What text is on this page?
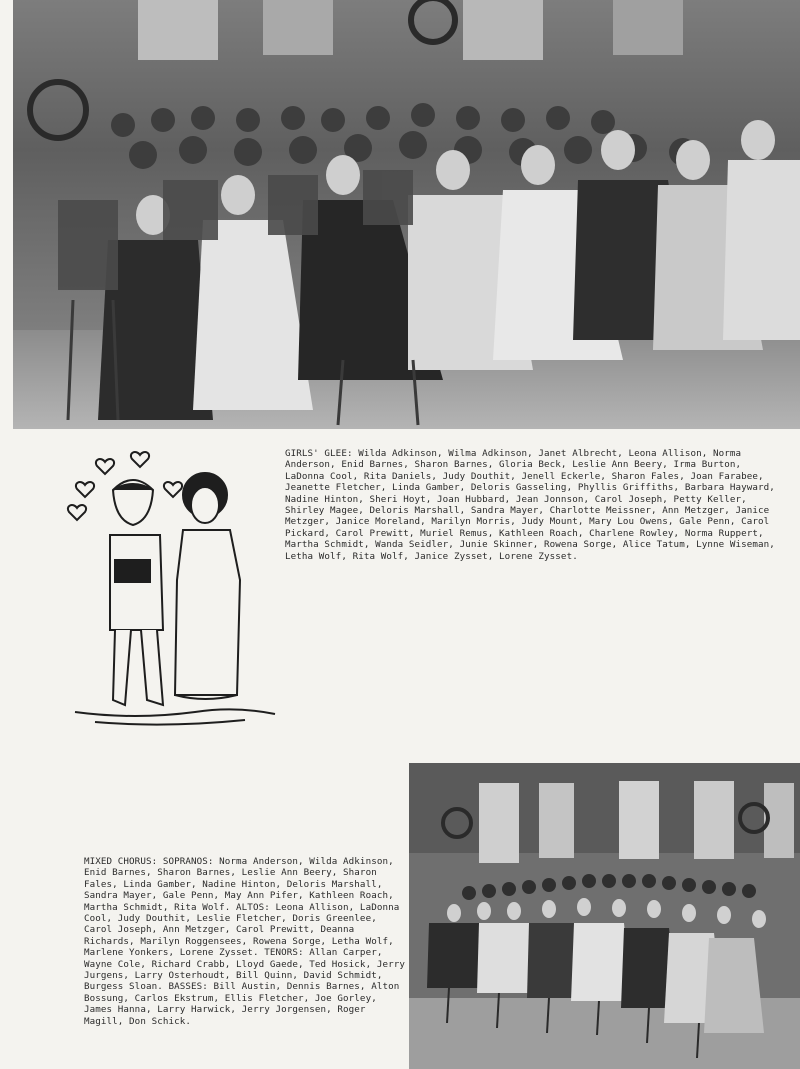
GIRLS' GLEE: Wilda Adkinson, Wilma Adkinson, Janet Albrecht, Leona Allison, Norma Anderson, Enid Barnes, Sharon Barnes, Gloria Beck, Leslie Ann Beery, Irma Burton, LaDonna Cool, Rita Daniels, Judy Douthit, Jenell Eckerle, Sharon Fales, Joan Farabee, Jeanette Fletcher, Linda Gamber, Deloris Gasseling, Phyllis Griffiths, Barbara Hayward, Nadine Hinton, Sheri Hoyt, Joan Hubbard, Jean Jonnson, Carol Joseph, Petty Keller, Shirley Magee, Deloris Marshall, Sandra Mayer, Charlotte Meissner, Ann Metzger, Janice Metzger, Janice Moreland, Marilyn Morris, Judy Mount, Mary Lou Owens, Gale Penn, Carol Pickard, Carol Prewitt, Muriel Remus, Kathleen Roach, Charlene Rowley, Norma Ruppert, Martha Schmidt, Wanda Seidler, Junie Skinner, Rowena Sorge, Alice Tatum, Lynne Wiseman, Letha Wolf, Rita Wolf, Janice Zysset, Lorene Zysset.
MIXED CHORUS: SOPRANOS: Norma Anderson, Wilda Adkinson, Enid Barnes, Sharon Barnes, Leslie Ann Beery, Sharon Fales, Linda Gamber, Nadine Hinton, Deloris Marshall, Sandra Mayer, Gale Penn, May Ann Pifer, Kathleen Roach, Martha Schmidt, Rita Wolf. ALTOS: Leona Allison, LaDonna Cool, Judy Douthit, Leslie Fletcher, Doris Greenlee, Carol Joseph, Ann Metzger, Carol Prewitt, Deanna Richards, Marilyn Roggensees, Rowena Sorge, Letha Wolf, Marlene Yonkers, Lorene Zysset. TENORS: Allan Carper, Wayne Cole, Richard Crabb, Lloyd Gaede, Ted Hosick, Jerry Jurgens, Larry Osterhoudt, Bill Quinn, David Schmidt, Burgess Sloan. BASSES: Bill Austin, Dennis Barnes, Alton Bossung, Carlos Ekstrum, Ellis Fletcher, Joe Gorley, James Hanna, Larry Harwick, Jerry Jorgensen, Roger Magill, Don Schick.
